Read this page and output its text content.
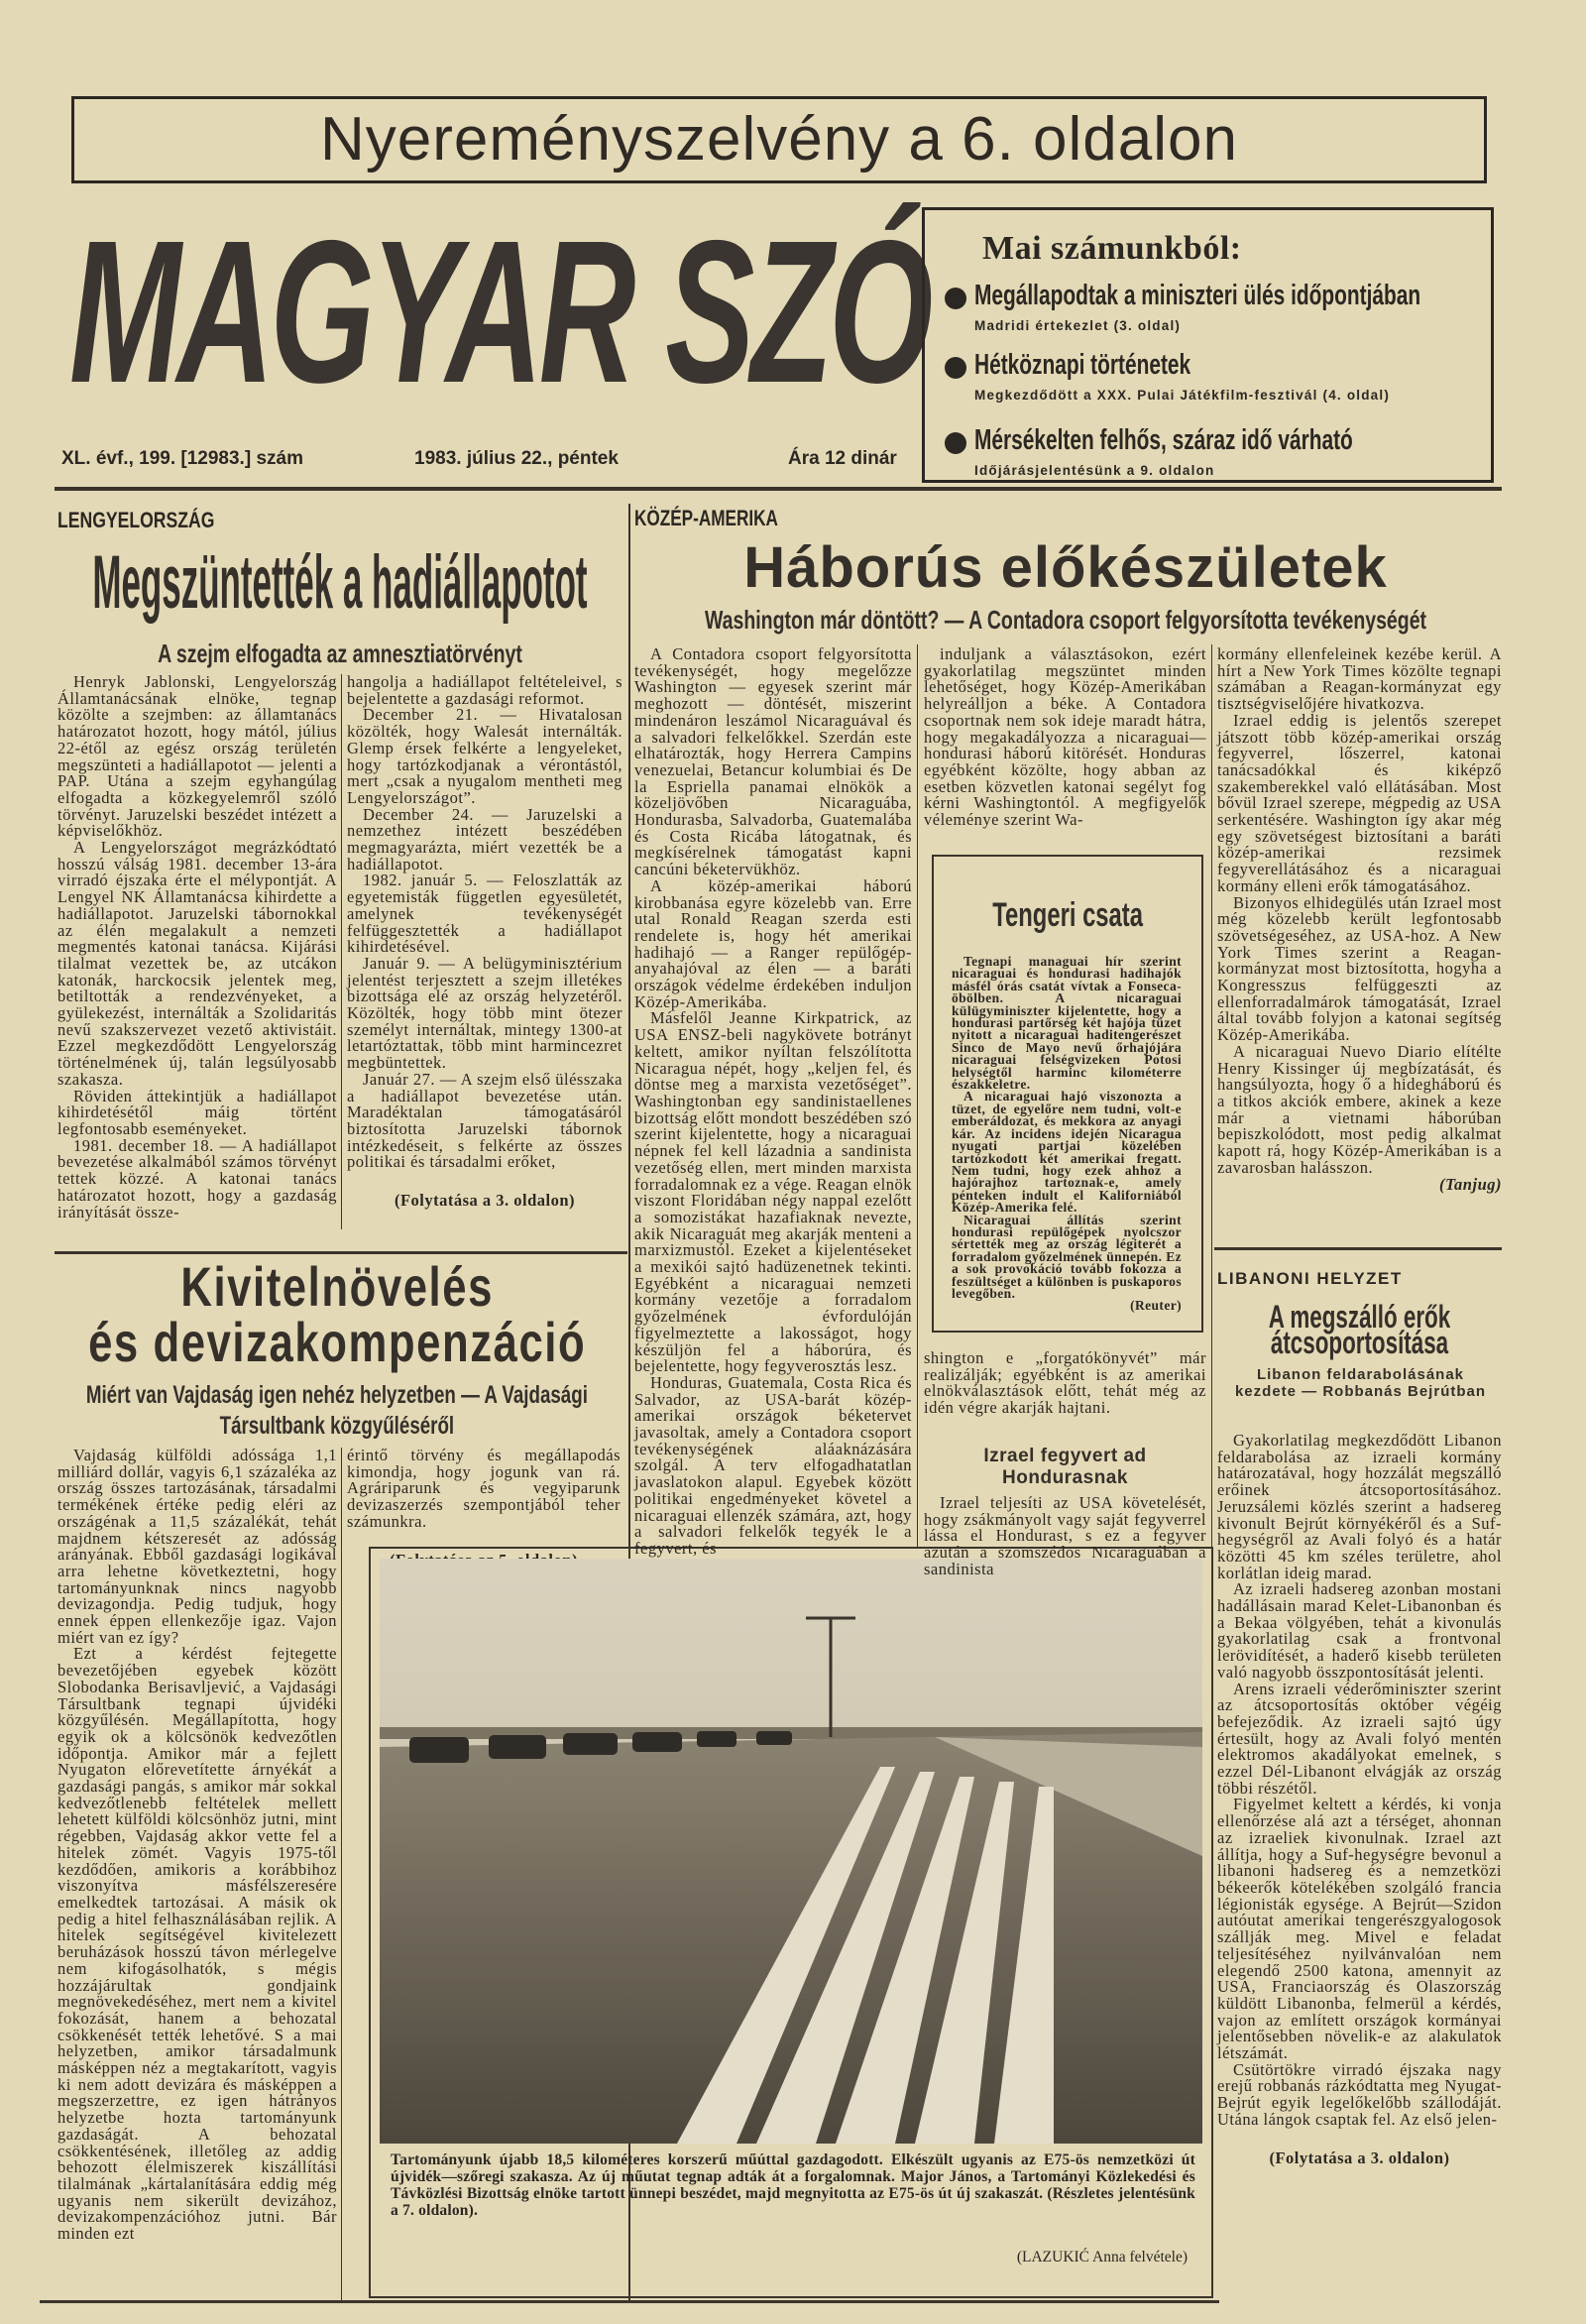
Nyereményszelvény a 6. oldalon
MAGYAR SZÓ
XL. évf., 199. [12983.] szám	1983. július 22., péntek	Ára 12 dinár
Mai számunkból:
Megállapodtak a miniszteri ülés időpontjában
Madridi értekezlet (3. oldal)
Hétköznapi történetek
Megkezdődött a XXX. Pulai Játékfilm-fesztivál (4. oldal)
Mérsékelten felhős, száraz idő várható
Időjárásjelentésünk a 9. oldalon
LENGYELORSZÁG
Megszüntették a hadiállapotot
A szejm elfogadta az amnesztiatörvényt

Henryk Jablonski, Lengyelország Államtanácsának elnöke, tegnap közölte a szejmben: az államtanács határozatot hozott, hogy mától, július 22-étől az egész ország területén megszünteti a hadiállapotot — jelenti a PAP. Utána a szejm egyhangúlag elfogadta a közkegyelemről szóló törvényt. Jaruzelski beszédet intézett a képviselőkhöz.

A Lengyelországot megrázkódtató hosszú válság 1981. december 13-ára virradó éjszaka érte el mélypontját. A Lengyel NK Államtanácsa kihirdette a hadiállapotot. Jaruzelski tábornokkal az élén megalakult a nemzeti megmentés katonai tanácsa. Kijárási tilalmat vezettek be, az utcákon katonák, harckocsik jelentek meg, betiltották a rendezvényeket, a gyülekezést, internálták a Szolidaritás nevű szakszervezet vezető aktivistáit. Ezzel megkezdődött Lengyelország történelmének új, talán legsúlyosabb szakasza.

Röviden áttekintjük a hadiállapot kihirdetésétől máig történt legfontosabb eseményeket.

1981. december 18. — A hadiállapot bevezetése alkalmából számos törvényt tettek közzé. A katonai tanács határozatot hozott, hogy a gazdaság irányítását össze-

hangolja a hadiállapot feltételeivel, s bejelentette a gazdasági reformot.

December 21. — Hivatalosan közölték, hogy Walesát internálták. Glemp érsek felkérte a lengyeleket, hogy tartózkodjanak a vérontástól, mert „csak a nyugalom mentheti meg Lengyelországot”.

December 24. — Jaruzelski a nemzethez intézett beszédében megmagyarázta, miért vezették be a hadiállapotot.

1982. január 5. — Feloszlatták az egyetemisták független egyesületét, amelynek tevékenységét felfüggesztették a hadiállapot kihirdetésével.

Január 9. — A belügyminisztérium jelentést terjesztett a szejm illetékes bizottsága elé az ország helyzetéről. Közölték, hogy több mint ötezer személyt internáltak, mintegy 1300-at letartóztattak, több mint harmincezret megbüntettek.

Január 27. — A szejm első ülésszaka a hadiállapot bevezetése után. Maradéktalan támogatásáról biztosította Jaruzelski tábornok intézkedéseit, s felkérte az összes politikai és társadalmi erőket,

(Folytatása a 3. oldalon)

Kivitelnövelés
és devizakompenzáció
Miért van Vajdaság igen nehéz helyzetben — A Vajdasági
Társultbank közgyűléséről

Vajdaság külföldi adóssága 1,1 milliárd dollár, vagyis 6,1 százaléka az ország összes tartozásának, társadalmi termékének értéke pedig eléri az országénak a 11,5 százalékát, tehát majdnem kétszeresét az adósság arányának. Ebből gazdasági logikával arra lehetne következtetni, hogy tartományunknak nincs nagyobb devizagondja. Pedig tudjuk, hogy ennek éppen ellenkezője igaz. Vajon miért van ez így?

Ezt a kérdést fejtegette bevezetőjében egyebek között Slobodanka Berisavljević, a Vajdasági Társultbank tegnapi újvidéki közgyűlésén. Megállapította, hogy egyik ok a kölcsönök kedvezőtlen időpontja. Amikor már a fejlett Nyugaton előrevetítette árnyékát a gazdasági pangás, s amikor már sokkal kedvezőtlenebb feltételek mellett lehetett külföldi kölcsönhöz jutni, mint régebben, Vajdaság akkor vette fel a hitelek zömét. Vagyis 1975-től kezdődően, amikoris a korábbihoz viszonyítva másfélszeresére emelkedtek tartozásai. A másik ok pedig a hitel felhasználásában rejlik. A hitelek segítségével kivitelezett beruházások hosszú távon mérlegelve nem kifogásolhatók, s mégis hozzájárultak gondjaink megnövekedéséhez, mert nem a kivitel fokozását, hanem a behozatal csökkenését tették lehetővé. S a mai helyzetben, amikor társadalmunk másképpen néz a megtakarított, vagyis ki nem adott devizára és másképpen a megszerzettre, ez igen hátrányos helyzetbe hozta tartományunk gazdaságát. A behozatal csökkentésének, illetőleg az addig behozott élelmiszerek kiszállítási tilalmának „kártalanítására eddig még ugyanis nem sikerült devizához, devizakompenzációhoz jutni. Bár minden ezt

érintő törvény és megállapodás kimondja, hogy jogunk van rá. Agráriparunk és vegyiparunk devizaszerzés szempontjából teher számunkra.

Tartományunk újabb 18,5 kilométeres korszerű műúttal gazdagodott. Elkészült ugyanis az E75-ös nemzetközi út újvidék—szőregi szakasza. Az új műutat tegnap adták át a forgalomnak. Major János, a Tartományi Közlekedési és Távközlési Bizottság elnöke tartott ünnepi beszédet, majd megnyitotta az E75-ös út új szakaszát. (Részletes jelentésünk a 7. oldalon).
(LAZUKIĆ Anna felvétele)
KÖZÉP-AMERIKA
Háborús előkészületek
Washington már döntött? — A Contadora csoport felgyorsította tevékenységét

A Contadora csoport felgyorsította tevékenységét, hogy megelőzze Washington — egyesek szerint már meghozott — döntését, miszerint mindenáron leszámol Nicaraguával és a salvadori felkelőkkel. Szerdán este elhatározták, hogy Herrera Campins venezuelai, Betancur kolumbiai és De la Espriella panamai elnökök a közeljövőben Nicaraguába, Hondurasba, Salvadorba, Guatemalába és Costa Ricába látogatnak, és megkísérelnek támogatást kapni cancúni béketervükhöz.

A közép-amerikai háború kirobbanása egyre közelebb van. Erre utal Ronald Reagan szerda esti rendelete is, hogy hét amerikai hadihajó — a Ranger repülőgép-anyahajóval az élen — a baráti országok védelme érdekében induljon Közép-Amerikába.

Másfelől Jeanne Kirkpatrick, az USA ENSZ-beli nagykövete botrányt keltett, amikor nyíltan felszólította Nicaragua népét, hogy „keljen fel, és döntse meg a marxista vezetőséget”. Washingtonban egy sandinistaellenes bizottság előtt mondott beszédében szó szerint kijelentette, hogy a nicaraguai népnek fel kell lázadnia a sandinista vezetőség ellen, mert minden marxista forradalomnak ez a vége. Reagan elnök viszont Floridában négy nappal ezelőtt a somozistákat hazafiaknak nevezte, akik Nicaraguát meg akarják menteni a marxizmustól. Ezeket a kijelentéseket a mexikói sajtó hadüzenetnek tekinti. Egyébként a nicaraguai nemzeti kormány vezetője a forradalom győzelmének évfordulóján figyelmeztette a lakosságot, hogy készüljön fel a háborúra, és bejelentette, hogy fegyverosztás lesz.

Honduras, Guatemala, Costa Rica és Salvador, az USA-barát közép-amerikai országok béketervet javasoltak, amely a Contadora csoport tevékenységének aláaknázására szolgál. A terv elfogadhatatlan javaslatokon alapul. Egyebek között politikai engedményeket követel a nicaraguai ellenzék számára, azt, hogy a salvadori felkelők tegyék le a fegyvert, és

induljank a választásokon, ezért gyakorlatilag megszüntet minden lehetőséget, hogy Közép-Amerikában helyreálljon a béke. A Contadora csoportnak nem sok ideje maradt hátra, hogy megakadályozza a nicaraguai—hondurasi háború kitörését. Honduras egyébként közölte, hogy abban az esetben közvetlen katonai segélyt fog kérni Washingtontól. A megfigyelők véleménye szerint Wa-

Tengeri csata

Tegnapi managuai hír szerint nicaraguai és hondurasi hadihajók másfél órás csatát vívtak a Fonseca-öbölben. A nicaraguai külügyminiszter kijelentette, hogy a hondurasi partőrség két hajója tüzet nyitott a nicaraguai haditengerészet Sinco de Mayo nevű őrhajójára nicaraguai felségvizeken Potosi helységtől harminc kilométerre északkeletre.

A nicaraguai hajó viszonozta a tüzet, de egyelőre nem tudni, volt-e emberáldozat, és mekkora az anyagi kár. Az incidens idején Nicaragua nyugati partjai közelében tartózkodott két amerikai fregatt. Nem tudni, hogy ezek ahhoz a hajórajhoz tartoznak-e, amely pénteken indult el Kaliforniából Közép-Amerika felé.

Nicaraguai állítás szerint hondurasi repülőgépek nyolcszor sértették meg az ország légiterét a forradalom győzelmének ünnepén. Ez a sok provokáció tovább fokozza a feszültséget a különben is puskaporos levegőben.

(Reuter)

shington e „forgatókönyvét” már realizálják; egyébként is az amerikai elnökválasztások előtt, tehát még az idén végre akarják hajtani.

Izrael fegyvert ad
Hondurasnak

Izrael teljesíti az USA követelését, hogy zsákmányolt vagy saját fegyverrel lássa el Hondurast, s ez a fegyver azután a szomszédos Nicaraguában a sandinista

kormány ellenfeleinek kezébe kerül. A hírt a New York Times közölte tegnapi számában a Reagan-kormányzat egy tisztségviselőjére hivatkozva.

Izrael eddig is jelentős szerepet játszott több közép-amerikai ország fegyverrel, lőszerrel, katonai tanácsadókkal és kiképző szakemberekkel való ellátásában. Most bővül Izrael szerepe, mégpedig az USA serkentésére. Washington így akar még egy szövetségest biztosítani a baráti közép-amerikai rezsimek fegyverellátásához és a nicaraguai kormány elleni erők támogatásához.

Bizonyos elhidegülés után Izrael most még közelebb került legfontosabb szövetségeséhez, az USA-hoz. A New York Times szerint a Reagan-kormányzat most biztosította, hogyha a Kongresszus felfüggeszti az ellenforradalmárok támogatását, Izrael által tovább folyjon a katonai segítség Közép-Amerikába.

A nicaraguai Nuevo Diario elítélte Henry Kissinger új megbízatását, és hangsúlyozta, hogy ő a hidegháború és a titkos akciók embere, akinek a keze már a vietnami háborúban bepiszkolódott, most pedig alkalmat kapott rá, hogy Közép-Amerikában is a zavarosban halásszon.

(Tanjug)

LIBANONI HELYZET
A megszálló erők
átcsoportosítása
Libanon feldarabolásának kezdete — Robbanás Bejrútban

Gyakorlatilag megkezdődött Libanon feldarabolása az izraeli kormány határozatával, hogy hozzálát megszálló erőinek átcsoportosításához. Jeruzsálemi közlés szerint a hadsereg kivonult Bejrút környékéről és a Suf-hegységről az Avali folyó és a határ közötti 45 km széles területre, ahol korlátlan ideig marad.

Az izraeli hadsereg azonban mostani hadállásain marad Kelet-Libanonban és a Bekaa völgyében, tehát a kivonulás gyakorlatilag csak a frontvonal lerövidítését, a haderő kisebb területen való nagyobb összpontosítását jelenti.

Arens izraeli véderőminiszter szerint az átcsoportosítás október végéig befejeződik. Az izraeli sajtó úgy értesült, hogy az Avali folyó mentén elektromos akadályokat emelnek, s ezzel Dél-Libanont elvágják az ország többi részétől.

Figyelmet keltett a kérdés, ki vonja ellenőrzése alá azt a térséget, ahonnan az izraeliek kivonulnak. Izrael azt állítja, hogy a Suf-hegységre bevonul a libanoni hadsereg és a nemzetközi békeerők kötelékében szolgáló francia légionisták egysége. A Bejrút—Szidon autóutat amerikai tengerészgyalogosok szállják meg. Mivel e feladat teljesítéséhez nyilvánvalóan nem elegendő 2500 katona, amennyit az USA, Franciaország és Olaszország küldött Libanonba, felmerül a kérdés, vajon az említett országok kormányai jelentősebben növelik-e az alakulatok létszámát.

Csütörtökre virradó éjszaka nagy erejű robbanás rázkódtatta meg Nyugat-Bejrút egyik legelőkelőbb szállodáját. Utána lángok csaptak fel. Az első jelen-

(Folytatása a 3. oldalon)
